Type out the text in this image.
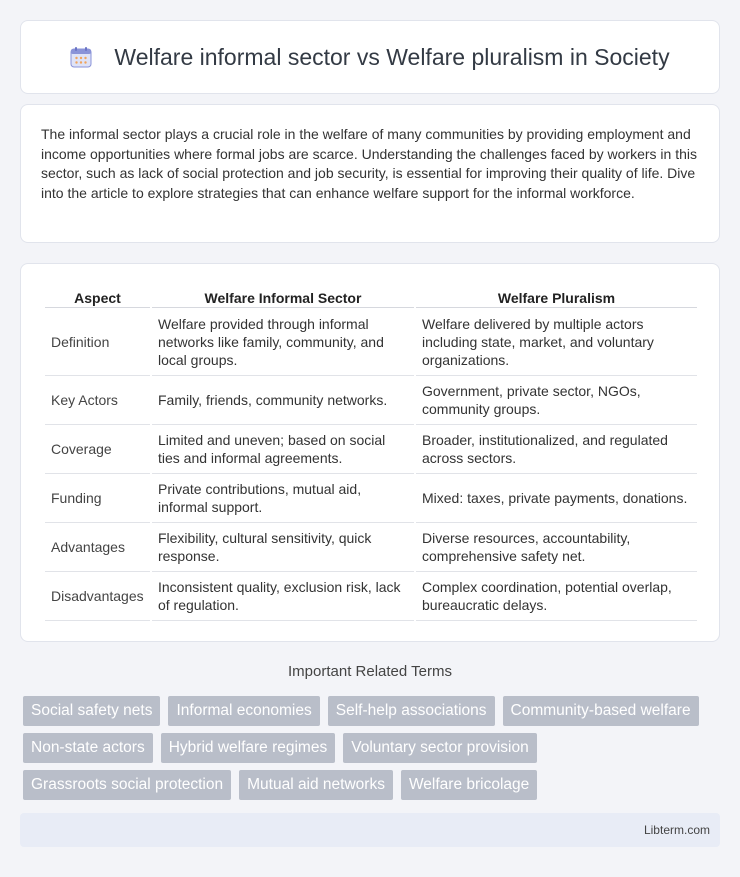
Welfare informal sector vs Welfare pluralism in Society

The informal sector plays a crucial role in the welfare of many communities by providing employment and income opportunities where formal jobs are scarce. Understanding the challenges faced by workers in this sector, such as lack of social protection and job security, is essential for improving their quality of life. Dive into the article to explore strategies that can enhance welfare support for the informal workforce.

Aspect	Welfare Informal Sector	Welfare Pluralism
Definition	Welfare provided through informal networks like family, community, and local groups.	Welfare delivered by multiple actors including state, market, and voluntary organizations.
Key Actors	Family, friends, community networks.	Government, private sector, NGOs, community groups.
Coverage	Limited and uneven; based on social ties and informal agreements.	Broader, institutionalized, and regulated across sectors.
Funding	Private contributions, mutual aid, informal support.	Mixed: taxes, private payments, donations.
Advantages	Flexibility, cultural sensitivity, quick response.	Diverse resources, accountability, comprehensive safety net.
Disadvantages	Inconsistent quality, exclusion risk, lack of regulation.	Complex coordination, potential overlap, bureaucratic delays.
Important Related Terms
Social safety nets	Informal economies	Self-help associations	Community-based welfare
Non-state actors	Hybrid welfare regimes	Voluntary sector provision
Grassroots social protection	Mutual aid networks	Welfare bricolage
Libterm.com
